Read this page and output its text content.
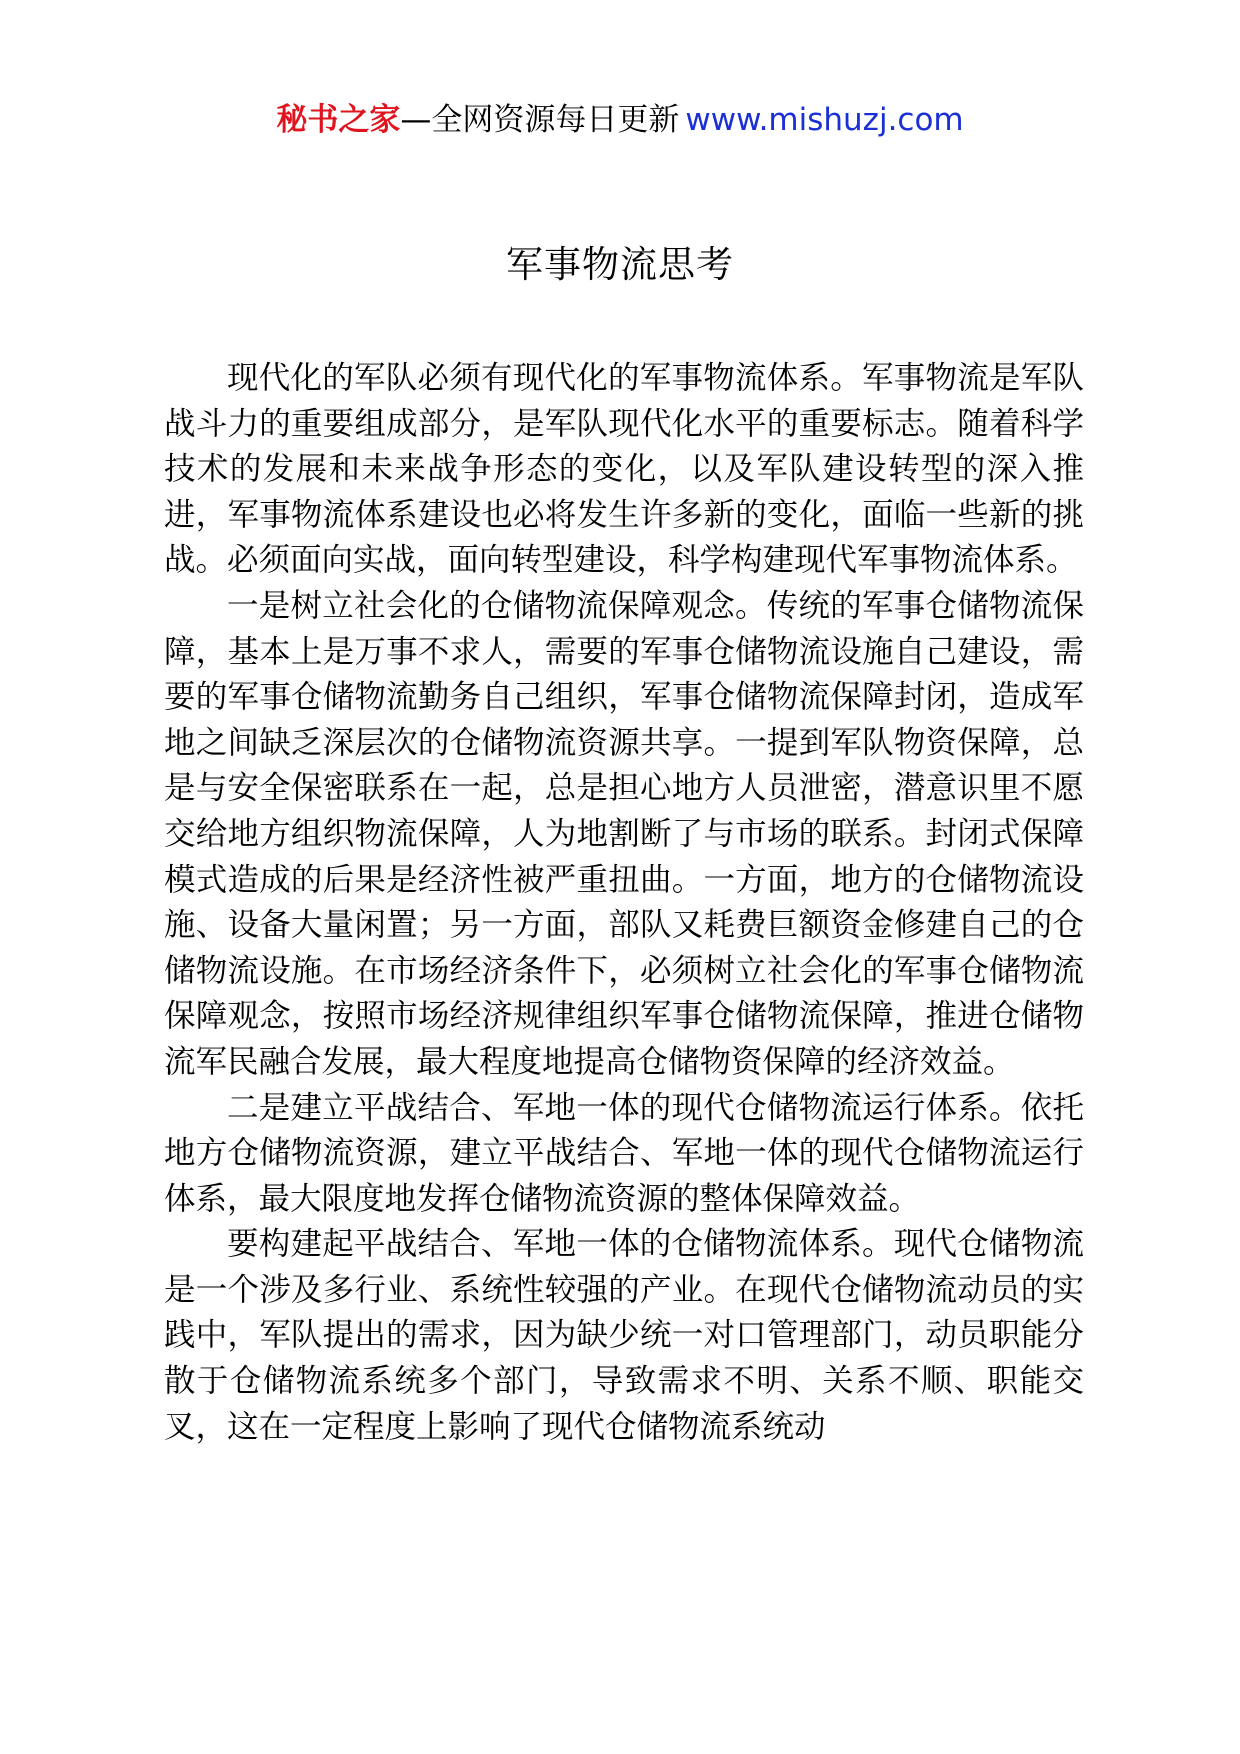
秘书之家—全网资源每日更新 www.mishuzj.com
军事物流思考

现代化的军队必须有现代化的军事物流体系。军事物流是军队战斗力的重要组成部分，是军队现代化水平的重要标志。随着科学技术的发展和未来战争形态的变化，以及军队建设转型的深入推进，军事物流体系建设也必将发生许多新的变化，面临一些新的挑战。必须面向实战，面向转型建设，科学构建现代军事物流体系。

一是树立社会化的仓储物流保障观念。传统的军事仓储物流保障，基本上是万事不求人，需要的军事仓储物流设施自己建设，需要的军事仓储物流勤务自己组织，军事仓储物流保障封闭，造成军地之间缺乏深层次的仓储物流资源共享。一提到军队物资保障，总是与安全保密联系在一起，总是担心地方人员泄密，潜意识里不愿交给地方组织物流保障，人为地割断了与市场的联系。封闭式保障模式造成的后果是经济性被严重扭曲。一方面，地方的仓储物流设施、设备大量闲置；另一方面，部队又耗费巨额资金修建自己的仓储物流设施。在市场经济条件下，必须树立社会化的军事仓储物流保障观念，按照市场经济规律组织军事仓储物流保障，推进仓储物流军民融合发展，最大程度地提高仓储物资保障的经济效益。

二是建立平战结合、军地一体的现代仓储物流运行体系。依托地方仓储物流资源，建立平战结合、军地一体的现代仓储物流运行体系，最大限度地发挥仓储物流资源的整体保障效益。

要构建起平战结合、军地一体的仓储物流体系。现代仓储物流是一个涉及多行业、系统性较强的产业。在现代仓储物流动员的实践中，军队提出的需求，因为缺少统一对口管理部门，动员职能分散于仓储物流系统多个部门，导致需求不明、关系不顺、职能交叉，这在一定程度上影响了现代仓储物流系统动
